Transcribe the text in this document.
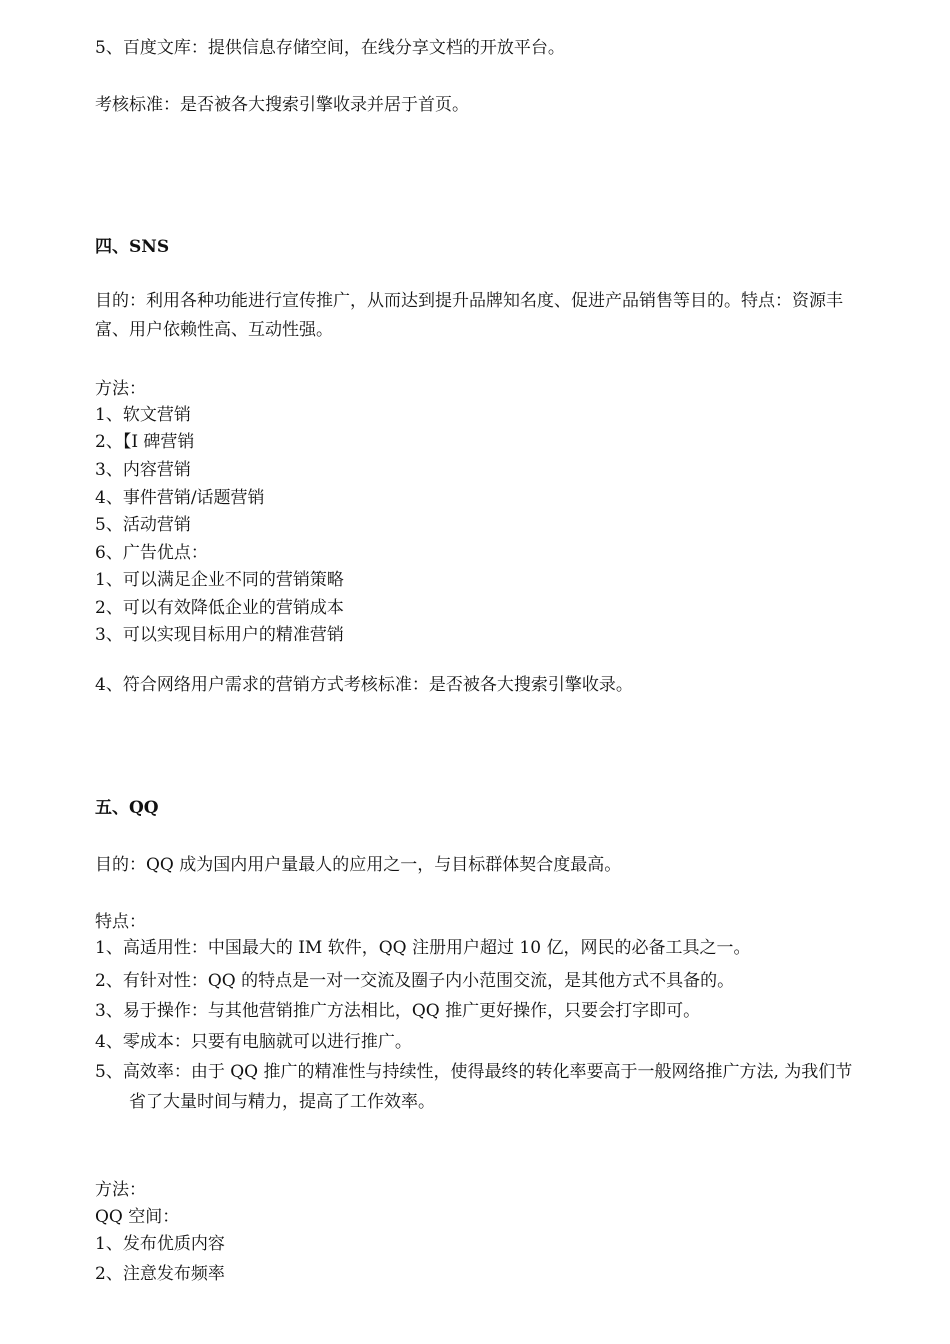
5、百度文库：提供信息存储空间，在线分享文档的开放平台。

考核标准：是否被各大搜索引擎收录并居于首页。

四、SNS

目的：利用各种功能进行宣传推广，从而达到提升品牌知名度、促进产品销售等目的。特点：资源丰富、用户依赖性高、互动性强。

方法：

1、软文营销

2、【I 碑营销

3、内容营销

4、事件营销/话题营销

5、活动营销

6、广告优点：

1、可以满足企业不同的营销策略

2、可以有效降低企业的营销成本

3、可以实现目标用户的精准营销

4、符合网络用户需求的营销方式考核标准：是否被各大搜索引擎收录。

五、QQ

目的：QQ 成为国内用户量最人的应用之一，与目标群体契合度最高。

特点：

1、高适用性：中国最大的 IM 软件，QQ 注册用户超过 10 亿，网民的必备工具之一。

2、有针对性：QQ 的特点是一对一交流及圈子内小范围交流，是其他方式不具备的。

3、易于操作：与其他营销推广方法相比，QQ 推广更好操作，只要会打字即可。

4、零成本：只要有电脑就可以进行推广。

5、高效率：由于 QQ 推广的精准性与持续性，使得最终的转化率要高于一般网络推广方法, 为我们节省了大量时间与精力，提高了工作效率。

方法：

QQ 空间：

1、发布优质内容

2、注意发布频率
